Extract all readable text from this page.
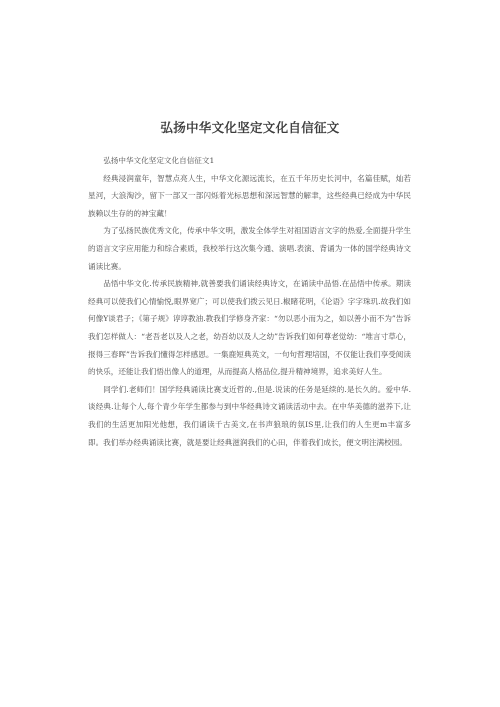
弘扬中华文化坚定文化自信征文

弘扬中华文化坚定文化自信征文1

经典浸润童年，智慧点亮人生，中华文化源远流长，在五千年历史长河中，名篇佳赋，灿若星河，大浪淘沙，留下一部又一部闪烁着光标思想和深远智慧的解聿，这些经典已经成为中华民族赖以生存的的神宝藏！

为了弘扬民族优秀文化，传承中华文明，激发全体学生对祖国语言文字的热爱,全面提升学生的语言文字应用能力和综合素质，我校举行这次集今通、演唱.表演、背诵为一体的国学经典诗文诵读比赛。

品悟中华文化.传承民族精神,就善要我们诵读经典诗文，在诵读中品悟.在品悟中传承。期读经典可以使我们心情愉悦,眼界宽广；可以使我们拨云见日.椒睹花明，《论语》字字珠玑.故我们如何像Y谈君子；《第子规》谆谆教油.教我们学修身齐家：“勿以恶小而为之，如以善小而不为”告诉我们怎样做人：“老吾老以及人之老，幼吾幼以及人之幼”告诉我们如何尊老觉幼：“堆言寸草心，报得三春晖”告诉我们懂得怎样感恩。一集鹿短典英文，一句句哲理培国，不仅能让我们享受阅读的快乐，还能让我们悟出像人的道理，从而提高人格品位,提升精神境界，追求美好人生。

同学们.老师们！国学羟典诵读比赛支近哲的.,但是.说读的任务是延续的.是长久的。爱中华.谈经典.让每个人,每个青少年学生都参与到中华经典诗文诵读活动中去。在中华美德的滋养下,让我们的生活更加阳光他想，我们诵读千古美文,在书声狼琅的氛IS里,让我们的人生更m丰富多即。我们举办经典诵读比赛，就是要让经典滋润我们的心田，伴着我们成长，便文明注满校园。
